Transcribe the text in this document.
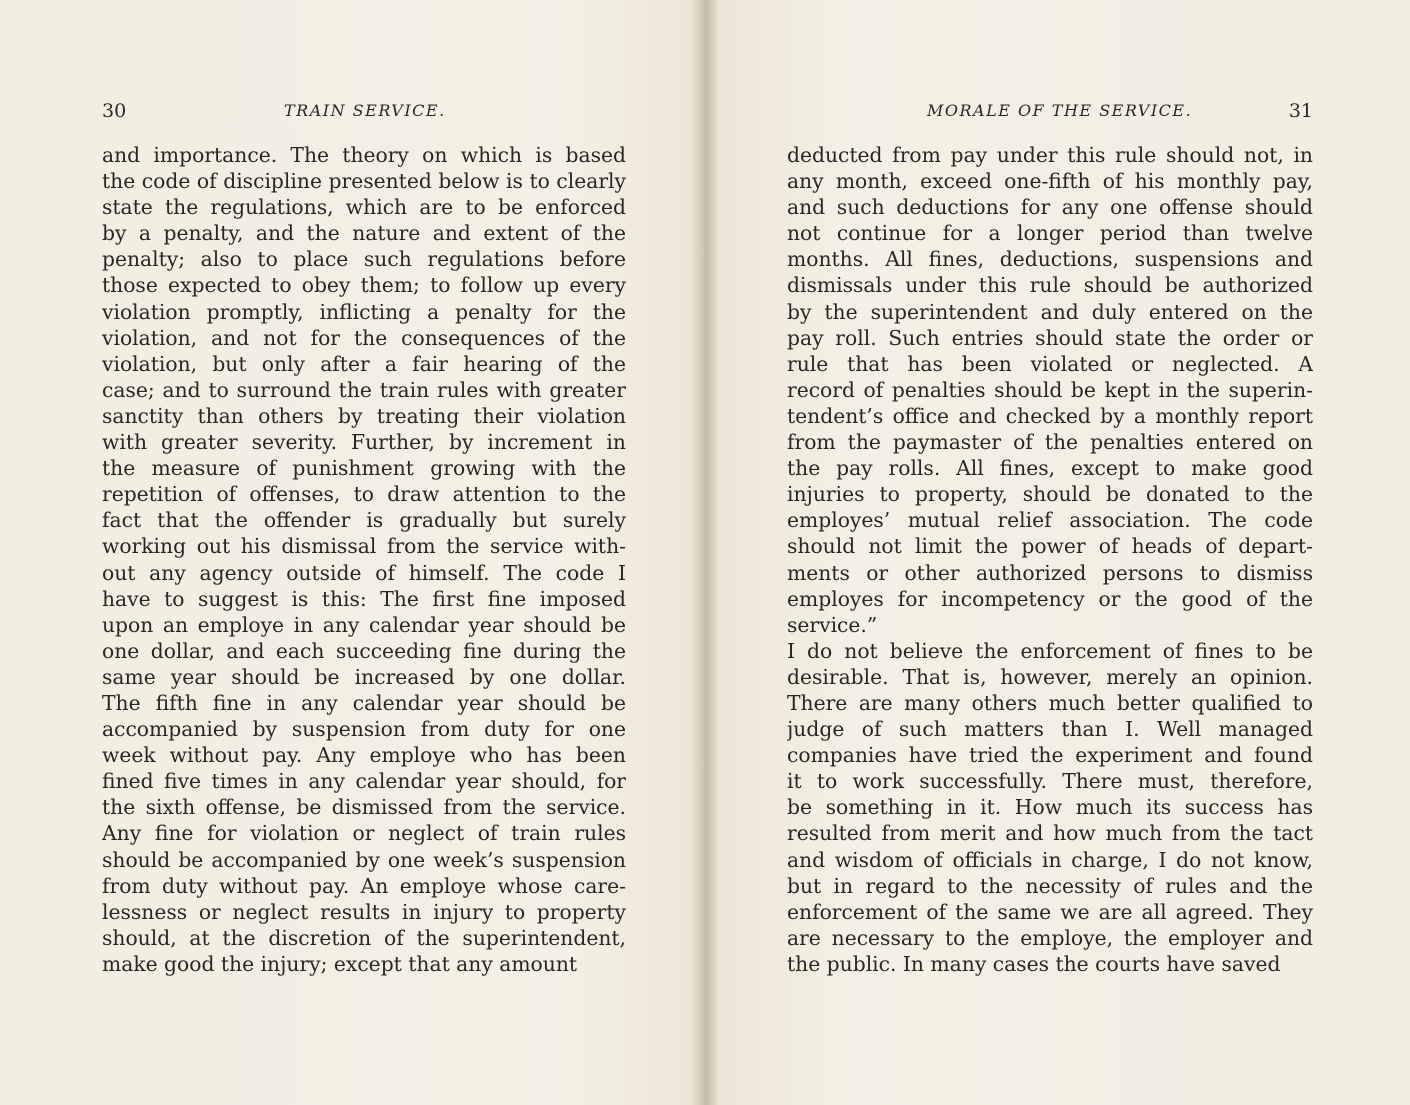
30	TRAIN SERVICE.
and importance. The theory on which is based
the code of discipline presented below is to clearly
state the regulations, which are to be enforced
by a penalty, and the nature and extent of the
penalty; also to place such regulations before
those expected to obey them; to follow up every
violation promptly, inflicting a penalty for the
violation, and not for the consequences of the
violation, but only after a fair hearing of the
case; and to surround the train rules with greater
sanctity than others by treating their violation
with greater severity. Further, by increment in
the measure of punishment growing with the
repetition of offenses, to draw attention to the
fact that the offender is gradually but surely
working out his dismissal from the service with-
out any agency outside of himself. The code I
have to suggest is this: The first fine imposed
upon an employe in any calendar year should be
one dollar, and each succeeding fine during the
same year should be increased by one dollar.
The fifth fine in any calendar year should be
accompanied by suspension from duty for one
week without pay. Any employe who has been
fined five times in any calendar year should, for
the sixth offense, be dismissed from the service.
Any fine for violation or neglect of train rules
should be accompanied by one week’s suspension
from duty without pay. An employe whose care-
lessness or neglect results in injury to property
should, at the discretion of the superintendent,
make good the injury; except that any amount
MORALE OF THE SERVICE.	31
deducted from pay under this rule should not, in
any month, exceed one-fifth of his monthly pay,
and such deductions for any one offense should
not continue for a longer period than twelve
months. All fines, deductions, suspensions and
dismissals under this rule should be authorized
by the superintendent and duly entered on the
pay roll. Such entries should state the order or
rule that has been violated or neglected. A
record of penalties should be kept in the superin-
tendent’s office and checked by a monthly report
from the paymaster of the penalties entered on
the pay rolls. All fines, except to make good
injuries to property, should be donated to the
employes’ mutual relief association. The code
should not limit the power of heads of depart-
ments or other authorized persons to dismiss
employes for incompetency or the good of the
service.”
I do not believe the enforcement of fines to be
desirable. That is, however, merely an opinion.
There are many others much better qualified to
judge of such matters than I. Well managed
companies have tried the experiment and found
it to work successfully. There must, therefore,
be something in it. How much its success has
resulted from merit and how much from the tact
and wisdom of officials in charge, I do not know,
but in regard to the necessity of rules and the
enforcement of the same we are all agreed. They
are necessary to the employe, the employer and
the public. In many cases the courts have saved
